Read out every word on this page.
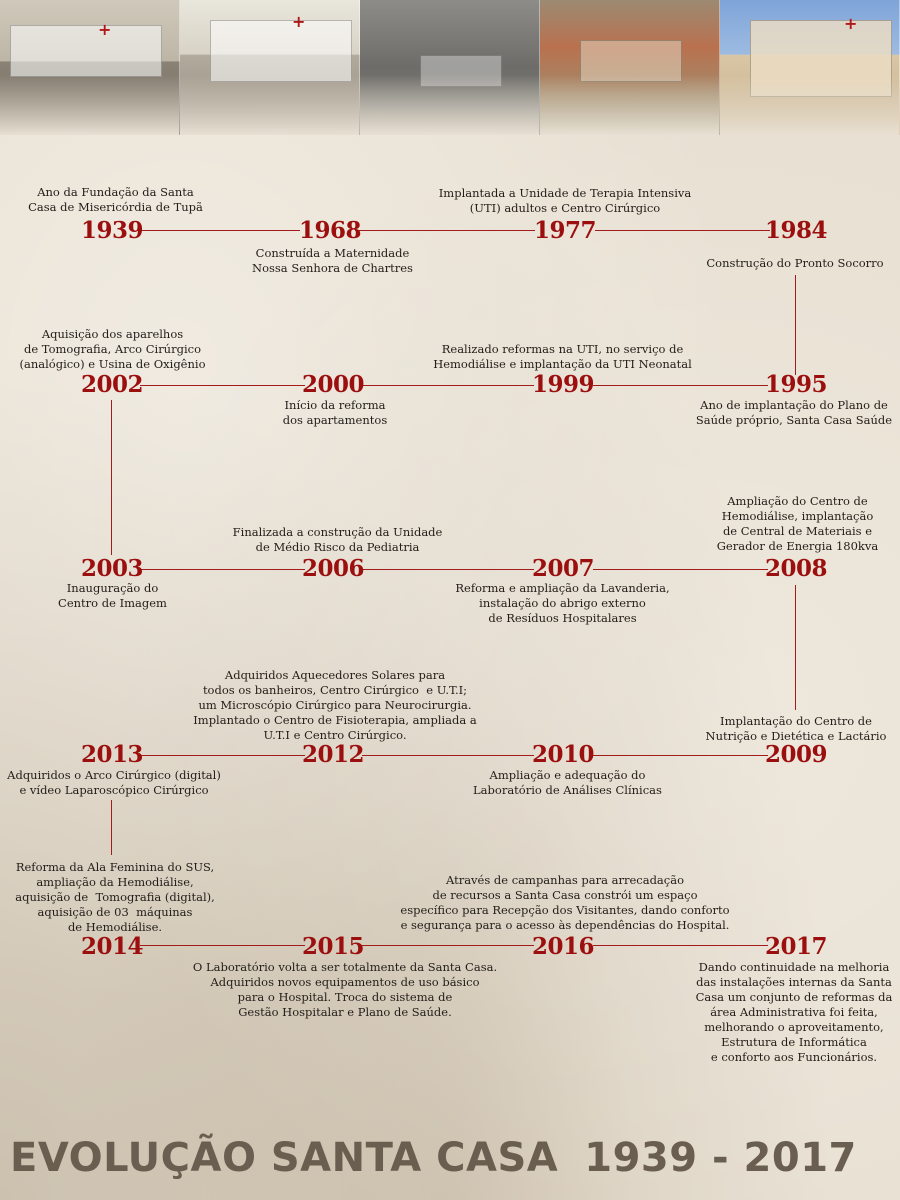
+	+	+
Ano da Fundação da Santa
Casa de Misericórdia de Tupã
1939	1968
Construída a Maternidade
Nossa Senhora de Chartres
Implantada a Unidade de Terapia Intensiva
(UTI) adultos e Centro Cirúrgico
1977	1984
Construção do Pronto Socorro
Aquisição dos aparelhos
de Tomografia, Arco Cirúrgico
(analógico) e Usina de Oxigênio
2002	2000
Início da reforma
dos apartamentos
Realizado reformas na UTI, no serviço de
Hemodiálise e implantação da UTI Neonatal
1999	1995
Ano de implantação do Plano de
Saúde próprio, Santa Casa Saúde
2003
Inauguração do
Centro de Imagem
Finalizada a construção da Unidade
de Médio Risco da Pediatria
2006	2007
Reforma e ampliação da Lavanderia,
instalação do abrigo externo
de Resíduos Hospitalares
Ampliação do Centro de
Hemodiálise, implantação
de Central de Materiais e
Gerador de Energia 180kva
2008
2013
Adquiridos o Arco Cirúrgico (digital)
e vídeo Laparoscópico Cirúrgico
Adquiridos Aquecedores Solares para
todos os banheiros, Centro Cirúrgico  e U.T.I;
um Microscópio Cirúrgico para Neurocirurgia.
Implantado o Centro de Fisioterapia, ampliada a
U.T.I e Centro Cirúrgico.
2012	2010
Ampliação e adequação do
Laboratório de Análises Clínicas
Implantação do Centro de
Nutrição e Dietética e Lactário
2009
Reforma da Ala Feminina do SUS,
ampliação da Hemodiálise,
aquisição de  Tomografia (digital),
aquisição de 03  máquinas
de Hemodiálise.
2014	2015
O Laboratório volta a ser totalmente da Santa Casa.
Adquiridos novos equipamentos de uso básico
para o Hospital. Troca do sistema de
Gestão Hospitalar e Plano de Saúde.
Através de campanhas para arrecadação
de recursos a Santa Casa constrói um espaço
específico para Recepção dos Visitantes, dando conforto
e segurança para o acesso às dependências do Hospital.
2016	2017
Dando continuidade na melhoria
das instalações internas da Santa
Casa um conjunto de reformas da
área Administrativa foi feita,
melhorando o aproveitamento,
Estrutura de Informática
e conforto aos Funcionários.
EVOLUÇÃO SANTA CASA 1939 - 2017
